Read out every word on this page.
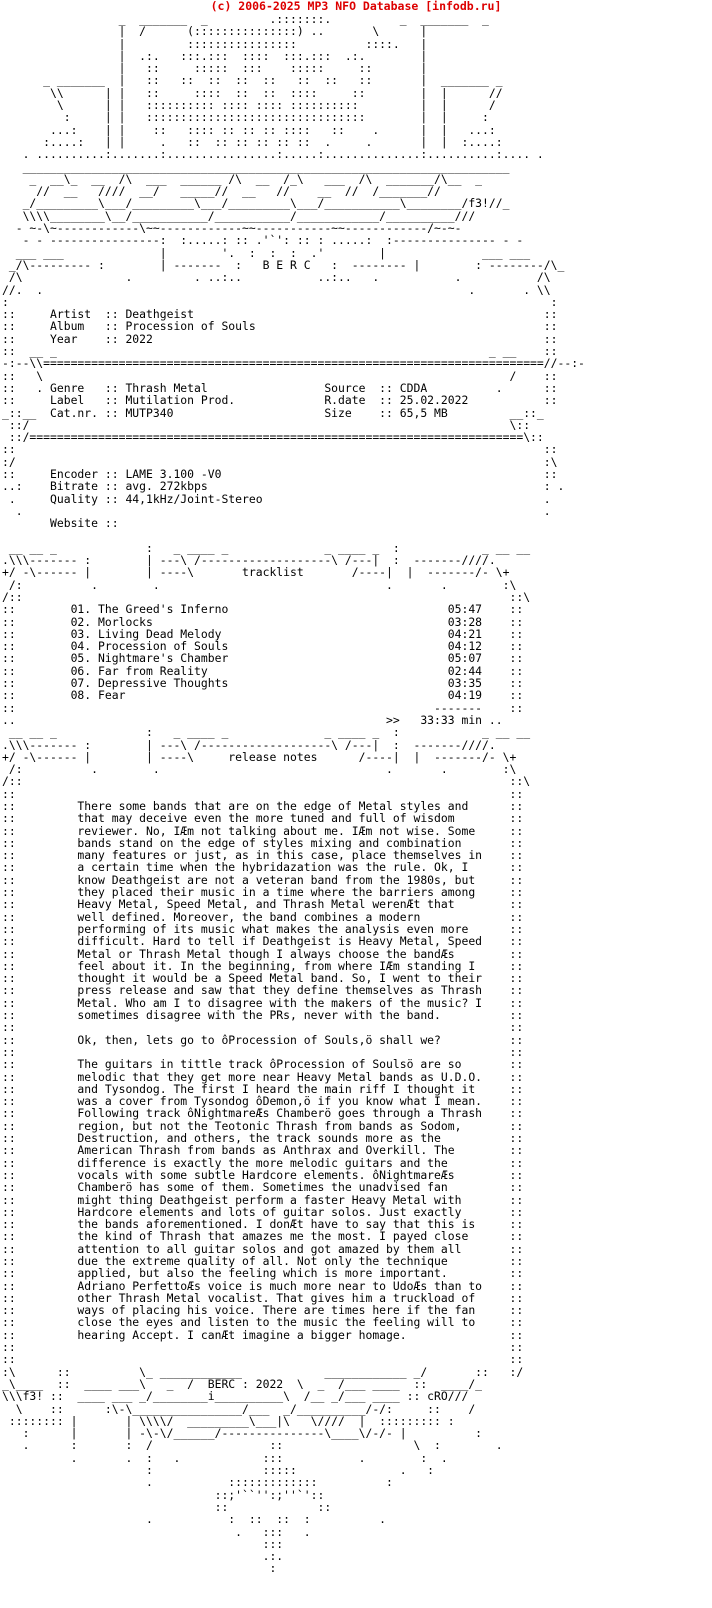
(c) 2006-2025 MP3 NFO Database [infodb.ru]
_  _______  _         .:::::::.          _  _______  _
|  /      (:::::::::::::::) ..       \      |
|         ::::::::::::::::          ::::.   |
|  .:.   :::.:::  ::::  :::.:::  .:.        |
|   ::     :::::  :::    :::::     ::       |
_ _______  |   ::   ::  ::  ::  ::   ::  ::   ::       |  _______ _
\\      | |   ::     ::::  ::  ::  ::::     ::        |  |      //
\      | |   :::::::::: :::: :::: ::::::::::         |  |      /
:     | |   ::::::::::::::::::::::::::::::::        |  |     :
...:    | |    ::   :::: :: :: :: ::::   ::    .      |  |   ...:
:....:   | |     .   ::  :: :: :: :: ::  .     .       |  |  :....:
. ..........:.......:................:.....:..............:..........:.... .
_______________________________________________________________________
_  __\_  __  /\  ___  ______ /\  __  /_\   ___  /\  _______/\__  _
//  __   ////  __/   _____//  __   //    __  //  /_______//
_/_________\___/_________\___/_________\___/___________\________/f3!//_
\\\\________\__/___________/___________/____________/__________///
- ~-\~------------\~~------------~~-----------~~------------/~-~-
- - ----------------:  :.....: :: .'`': :: : .....:  :--------------- - -
___ ___              |        '.  :  :  :  .'        |              ___ ___
_/\--------- :        | -------  :   B E R C   :  -------- |        : --------/\_
/\               .         . ..:..           ..:..   .           .           /\
//.  .                                                              .       . \\
:                                                                               :
::     Artist  :: Deathgeist                                                   ::
::     Album   :: Procession of Souls                                          ::
::     Year    :: 2022                                                         ::
::  __ _                                                               _ __    ::
-:--\\=========================================================================//--:-
::   \                                                                    /    ::
::   . Genre   :: Thrash Metal                 Source  :: CDDA          .      ::
::     Label   :: Mutilation Prod.             R.date  :: 25.02.2022           ::
_::__  Cat.nr. :: MUTP340                      Size    :: 65,5 MB         __::_
::/                                                                      \::
::/========================================================================\::
::                                                                             ::
:/                                                                             :\
::     Encoder :: LAME 3.100 -V0                                               ::
..:    Bitrate :: avg. 272kbps                                                 : .
.     Quality :: 44,1kHz/Joint-Stereo                                         .
.                                                                            .
Website ::

__ __ _             :   _ ____ _              _ ____ _  :            _ __ __
.\\\------- :        | ---\ /-------------------\ /---|  :  -------////.
+/ -\------ |        | ----\       tracklist       /----|  |  -------/- \+
/:          .        .                                 .       .        :\
/::                                                                       ::\
::        01. The Greed's Inferno                                05:47    ::
::        02. Morlocks                                           03:28    ::
::        03. Living Dead Melody                                 04:21    ::
::        04. Procession of Souls                                04:12    ::
::        05. Nightmare's Chamber                                05:07    ::
::        06. Far from Reality                                   02:44    ::
::        07. Depressive Thoughts                                03:35    ::
::        08. Fear                                               04:19    ::
::                                                             -------    ::
..                                                      >>   33:33 min ..
__ __ _             :   _ ____ _              _ ____ _  :            _ __ __
.\\\------- :        | ---\ /-------------------\ /---|  :  -------////.
+/ -\------ |        | ----\     release notes      /----|  |  -------/- \+
/:          .        .                                 .       .        :\
/::                                                                       ::\
::                                                                        ::
::         There some bands that are on the edge of Metal styles and      ::
::         that may deceive even the more tuned and full of wisdom        ::
::         reviewer. No, IÆm not talking about me. IÆm not wise. Some     ::
::         bands stand on the edge of styles mixing and combination       ::
::         many features or just, as in this case, place themselves in    ::
::         a certain time when the hybridazation was the rule. Ok, I      ::
::         know Deathgeist are not a veteran band from the 1980s, but     ::
::         they placed their music in a time where the barriers among     ::
::         Heavy Metal, Speed Metal, and Thrash Metal werenÆt that        ::
::         well defined. Moreover, the band combines a modern             ::
::         performing of its music what makes the analysis even more      ::
::         difficult. Hard to tell if Deathgeist is Heavy Metal, Speed    ::
::         Metal or Thrash Metal though I always choose the bandÆs        ::
::         feel about it. In the beginning, from where IÆm standing I     ::
::         thought it would be a Speed Metal band. So, I went to their    ::
::         press release and saw that they define themselves as Thrash    ::
::         Metal. Who am I to disagree with the makers of the music? I    ::
::         sometimes disagree with the PRs, never with the band.          ::
::                                                                        ::
::         Ok, then, lets go to ôProcession of Souls,ö shall we?          ::
::                                                                        ::
::         The guitars in tittle track ôProcession of Soulsö are so       ::
::         melodic that they get more near Heavy Metal bands as U.D.O.    ::
::         and Tysondog. The first I heard the main riff I thought it     ::
::         was a cover from Tysondog ôDemon,ö if you know what I mean.    ::
::         Following track ôNightmareÆs Chamberö goes through a Thrash    ::
::         region, but not the Teotonic Thrash from bands as Sodom,       ::
::         Destruction, and others, the track sounds more as the          ::
::         American Thrash from bands as Anthrax and Overkill. The        ::
::         difference is exactly the more melodic guitars and the         ::
::         vocals with some subtle Hardcore elements. ôNightmareÆs        ::
::         Chamberö has some of them. Sometimes the unadvised fan         ::
::         might thing Deathgeist perform a faster Heavy Metal with       ::
::         Hardcore elements and lots of guitar solos. Just exactly       ::
::         the bands aforementioned. I donÆt have to say that this is     ::
::         the kind of Thrash that amazes me the most. I payed close      ::
::         attention to all guitar solos and got amazed by them all       ::
::         due the extreme quality of all. Not only the technique         ::
::         applied, but also the feeling which is more important.         ::
::         Adriano PerfettoÆs voice is much more near to UdoÆs than to    ::
::         other Thrash Metal vocalist. That gives him a truckload of     ::
::         ways of placing his voice. There are times here if the fan     ::
::         close the eyes and listen to the music the feeling will to     ::
::         hearing Accept. I canÆt imagine a bigger homage.               ::
::                                                                        ::
::                                                                        ::
:\      ::          \_ ____________            ____________ _/       ::   :/
_\____  ::  ____ ___\   _  /  BERC : 2022  \  _  /___ ____  ::  ____/_
\\\f3! ::  ____ ___ _/________i__________\  /__ _/___ ____ :: cRO///
\    ::      :\-\________________/___  _/__________/-/:     ::    /
:::::::: |       | \\\\/  _________\___|\   \////  |  ::::::::: :
:      |       | -\-\/______/---------------\____\/-/- |          :
.      :       :  /                 ::                   \  :        .
.       .  :   .            :::           .        :  .
:                :::::               .   :
.           :::::::::::::          :
::;'``'':;''`'::
::             ::
.           :  ::  ::  :          .
.   :::   .
:::
.:.
:
